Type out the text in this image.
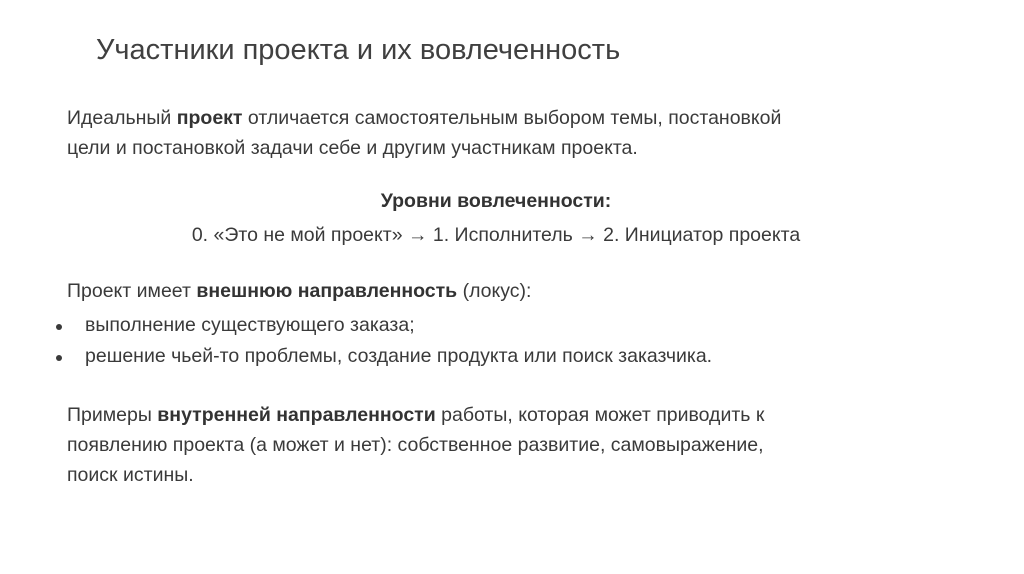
Участники проекта и их вовлеченность
Идеальный проект отличается самостоятельным выбором темы, постановкой
цели и постановкой задачи себе и другим участникам проекта.
Уровни вовлеченности:
0. «Это не мой проект» → 1. Исполнитель → 2. Инициатор проекта
Проект имеет внешнюю направленность (локус):
выполнение существующего заказа;
решение чьей-то проблемы, создание продукта или поиск заказчика.
Примеры внутренней направленности работы, которая может приводить к
появлению проекта (а может и нет): собственное развитие, самовыражение,
поиск истины.
